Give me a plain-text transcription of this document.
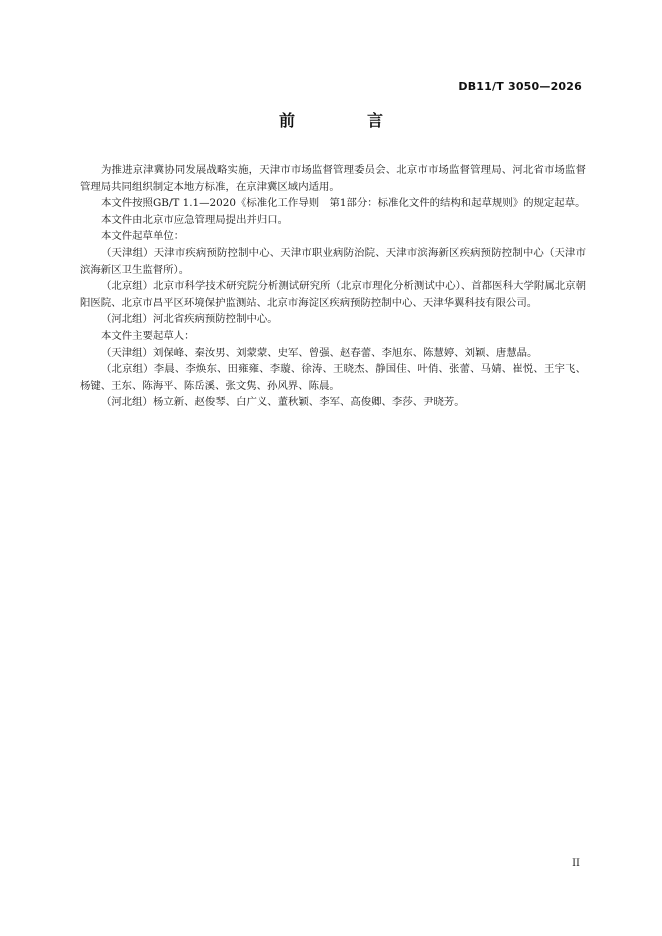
DB11/T 3050—2026
前　言

为推进京津冀协同发展战略实施，天津市市场监督管理委员会、北京市市场监督管理局、河北省市场监督管理局共同组织制定本地方标准，在京津冀区域内适用。

本文件按照GB/T 1.1—2020《标准化工作导则　第1部分：标准化文件的结构和起草规则》的规定起草。

本文件由北京市应急管理局提出并归口。

本文件起草单位：

（天津组）天津市疾病预防控制中心、天津市职业病防治院、天津市滨海新区疾病预防控制中心（天津市滨海新区卫生监督所）。

（北京组）北京市科学技术研究院分析测试研究所（北京市理化分析测试中心）、首都医科大学附属北京朝阳医院、北京市昌平区环境保护监测站、北京市海淀区疾病预防控制中心、天津华翼科技有限公司。

（河北组）河北省疾病预防控制中心。

本文件主要起草人：

（天津组）刘保峰、秦汝男、刘蒙蒙、史军、曾强、赵春蕾、李旭东、陈慧婷、刘颖、唐慧晶。

（北京组）李晨、李焕东、田雍雍、李璇、徐涛、王晓杰、静国佳、叶俏、张蕾、马婧、崔悦、王宇飞、杨键、王东、陈海平、陈岳溪、张文隽、孙风界、陈晨。

（河北组）杨立新、赵俊琴、白广义、董秋颖、李军、高俊卿、李莎、尹晓芳。

II
